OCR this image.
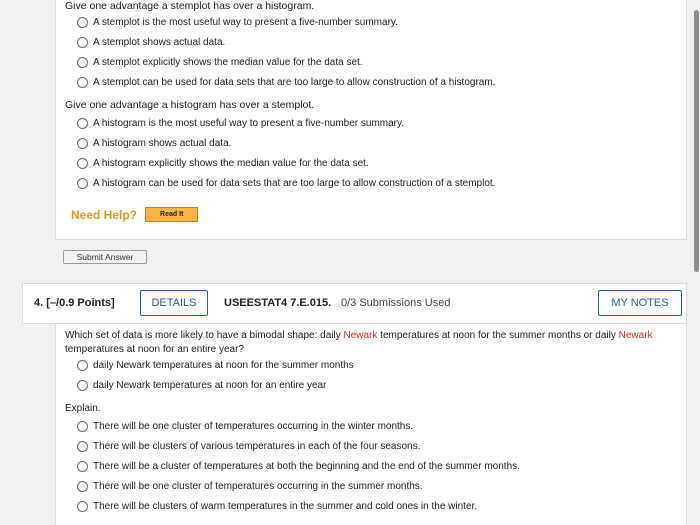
Give one advantage a stemplot has over a histogram.
A stemplot is the most useful way to present a five-number summary.
A stemplot shows actual data.
A stemplot explicitly shows the median value for the data set.
A stemplot can be used for data sets that are too large to allow construction of a histogram.
Give one advantage a histogram has over a stemplot.
A histogram is the most useful way to present a five-number summary.
A histogram shows actual data.
A histogram explicitly shows the median value for the data set.
A histogram can be used for data sets that are too large to allow construction of a stemplot.
Need Help?	Read It
Submit Answer
4. [–/0.9 Points]	DETAILS	USEESTAT4 7.E.015. 0/3 Submissions Used	MY NOTES
Which set of data is more likely to have a bimodal shape: daily Newark temperatures at noon for the summer months or daily Newark temperatures at noon for an entire year?
daily Newark temperatures at noon for the summer months
daily Newark temperatures at noon for an entire year
Explain.
There will be one cluster of temperatures occurring in the winter months.
There will be clusters of various temperatures in each of the four seasons.
There will be a cluster of temperatures at both the beginning and the end of the summer months.
There will be one cluster of temperatures occurring in the summer months.
There will be clusters of warm temperatures in the summer and cold ones in the winter.
